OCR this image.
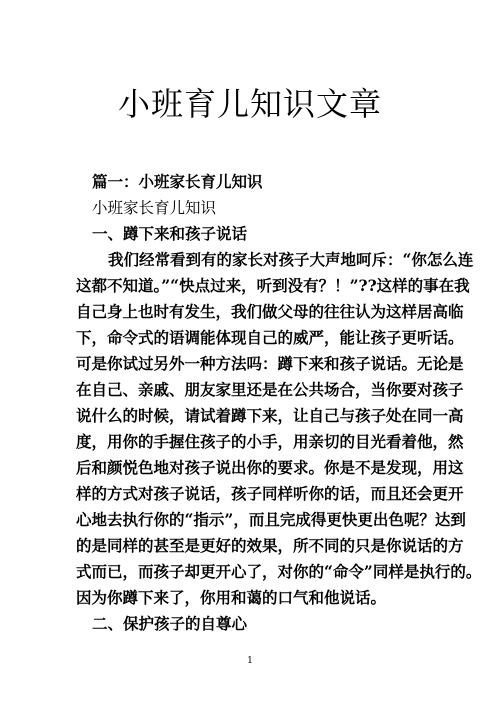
小班育儿知识文章
篇一：小班家长育儿知识
小班家长育儿知识
一、蹲下来和孩子说话
我们经常看到有的家长对孩子大声地呵斥：“你怎么连
这都不知道。”“快点过来，听到没有？！”??这样的事在我
自己身上也时有发生，我们做父母的往往认为这样居高临
下，命令式的语调能体现自己的威严，能让孩子更听话。
可是你试过另外一种方法吗：蹲下来和孩子说话。无论是
在自己、亲戚、朋友家里还是在公共场合，当你要对孩子
说什么的时候，请试着蹲下来，让自己与孩子处在同一高
度，用你的手握住孩子的小手，用亲切的目光看着他，然
后和颜悦色地对孩子说出你的要求。你是不是发现，用这
样的方式对孩子说话，孩子同样听你的话，而且还会更开
心地去执行你的“指示”，而且完成得更快更出色呢？达到
的是同样的甚至是更好的效果，所不同的只是你说话的方
式而已，而孩子却更开心了，对你的“命令”同样是执行的。
因为你蹲下来了，你用和蔼的口气和他说话。
二、保护孩子的自尊心
1
